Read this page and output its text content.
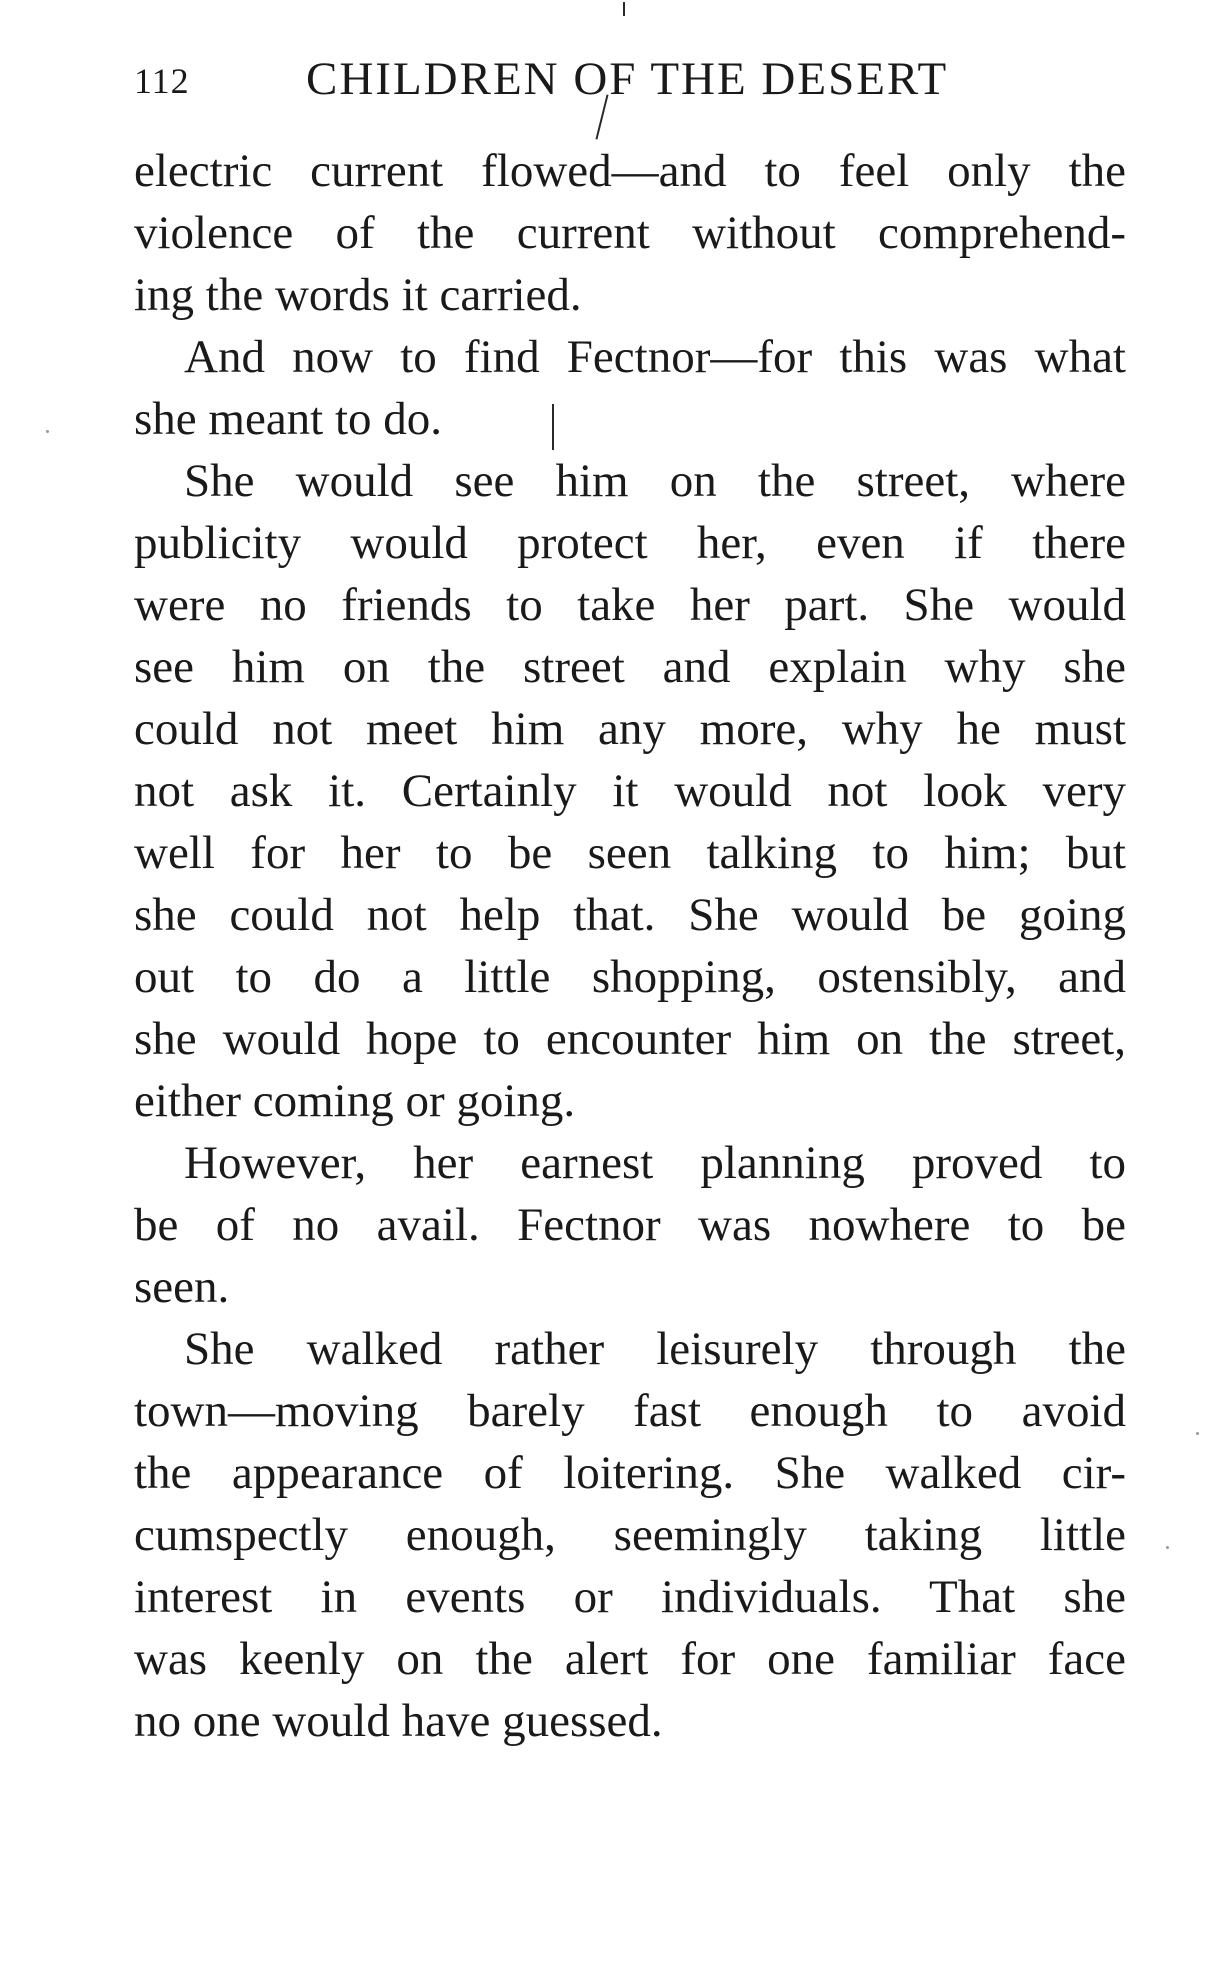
112 CHILDREN OF THE DESERT
electric current flowed—and to feel only the
violence of the current without comprehend-
ing the words it carried.
And now to find Fectnor—for this was what
she meant to do.
She would see him on the street, where
publicity would protect her, even if there
were no friends to take her part. She would
see him on the street and explain why she
could not meet him any more, why he must
not ask it. Certainly it would not look very
well for her to be seen talking to him; but
she could not help that. She would be going
out to do a little shopping, ostensibly, and
she would hope to encounter him on the street,
either coming or going.
However, her earnest planning proved to
be of no avail. Fectnor was nowhere to be
seen.
She walked rather leisurely through the
town—moving barely fast enough to avoid
the appearance of loitering. She walked cir-
cumspectly enough, seemingly taking little
interest in events or individuals. That she
was keenly on the alert for one familiar face
no one would have guessed.
